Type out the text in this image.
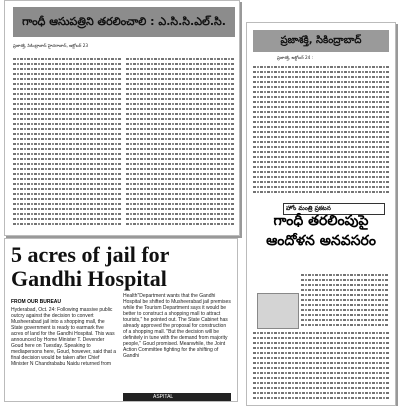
గాంధీ ఆసుపత్రిని తరలించాలి : ఎ.సి.సి.ఎల్.సి.
ప్రజాశక్తి, సికింద్రాబాద్ హైదరాబాద్, అక్టోబర్ 23	ప్రజాశక్తి, సికింద్రాబాద్
ప్రజాశక్తి, అక్టోబర్ 24 :
హోం మంత్రి ప్రకటన
గాంధీ తరలింపుపై ఆందోళన అనవసరం
5 acres of jail for Gandhi Hospital
FROM OUR BUREAU
Hyderabad, Oct. 24: Following massive public outcry against the decision to convert Musheerabad jail into a shopping mall, the State government is ready to earmark five acres of land for the Gandhi Hospital. This was announced by Home Minister T. Devender Goud here on Tuesday. Speaking to mediapersons here, Goud, however, said that a final decision would be taken after Chief Minister N Chandrababu Naidu returned from
Health"Department wants that the Gandhi Hospital be shifted to Musheerabad jail premises while the Tourism Department says it would be better to construct a shopping mall to attract tourists," he pointed out. The State Cabinet has already approved the proposal for construction of a shopping mall. "But the decision will be definitely in tune with the demand from majority people," Goud promised. Meanwhile, the Joint Action Committee fighting for the shifting of Gandhi
ASPITAL
